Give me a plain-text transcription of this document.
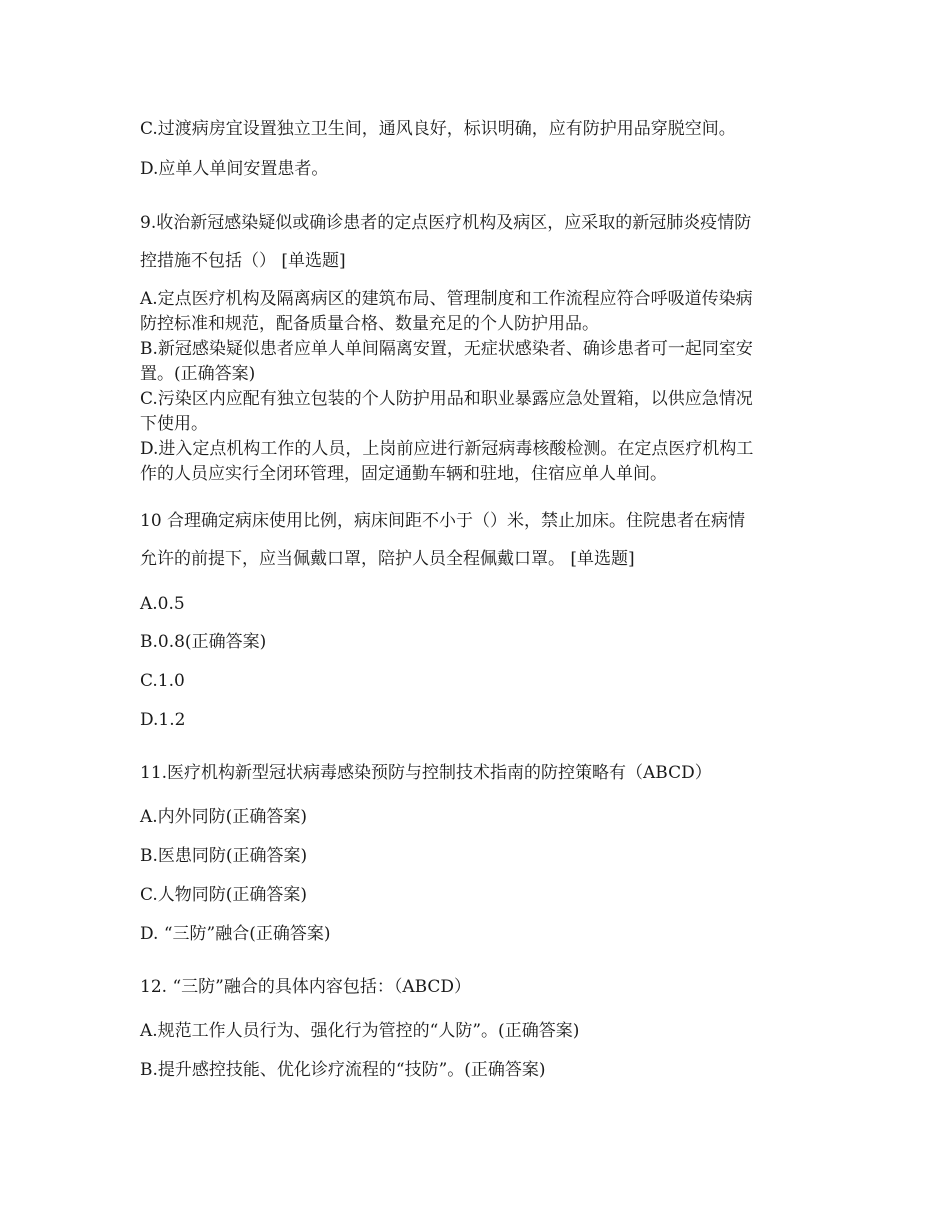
C.过渡病房宜设置独立卫生间，通风良好，标识明确，应有防护用品穿脱空间。
D.应单人单间安置患者。
9.收治新冠感染疑似或确诊患者的定点医疗机构及病区，应采取的新冠肺炎疫情防
控措施不包括（） [单选题]
A.定点医疗机构及隔离病区的建筑布局、管理制度和工作流程应符合呼吸道传染病
防控标准和规范，配备质量合格、数量充足的个人防护用品。
B.新冠感染疑似患者应单人单间隔离安置，无症状感染者、确诊患者可一起同室安
置。(正确答案)
C.污染区内应配有独立包装的个人防护用品和职业暴露应急处置箱，以供应急情况
下使用。
D.进入定点机构工作的人员，上岗前应进行新冠病毒核酸检测。在定点医疗机构工
作的人员应实行全闭环管理，固定通勤车辆和驻地，住宿应单人单间。
10 合理确定病床使用比例，病床间距不小于（）米，禁止加床。住院患者在病情
允许的前提下，应当佩戴口罩，陪护人员全程佩戴口罩。 [单选题]
A.0.5
B.0.8(正确答案)
C.1.0
D.1.2
11.医疗机构新型冠状病毒感染预防与控制技术指南的防控策略有（ABCD）
A.内外同防(正确答案)
B.医患同防(正确答案)
C.人物同防(正确答案)
D. “三防”融合(正确答案)
12. “三防”融合的具体内容包括：（ABCD）
A.规范工作人员行为、强化行为管控的“人防”。(正确答案)
B.提升感控技能、优化诊疗流程的“技防”。(正确答案)
